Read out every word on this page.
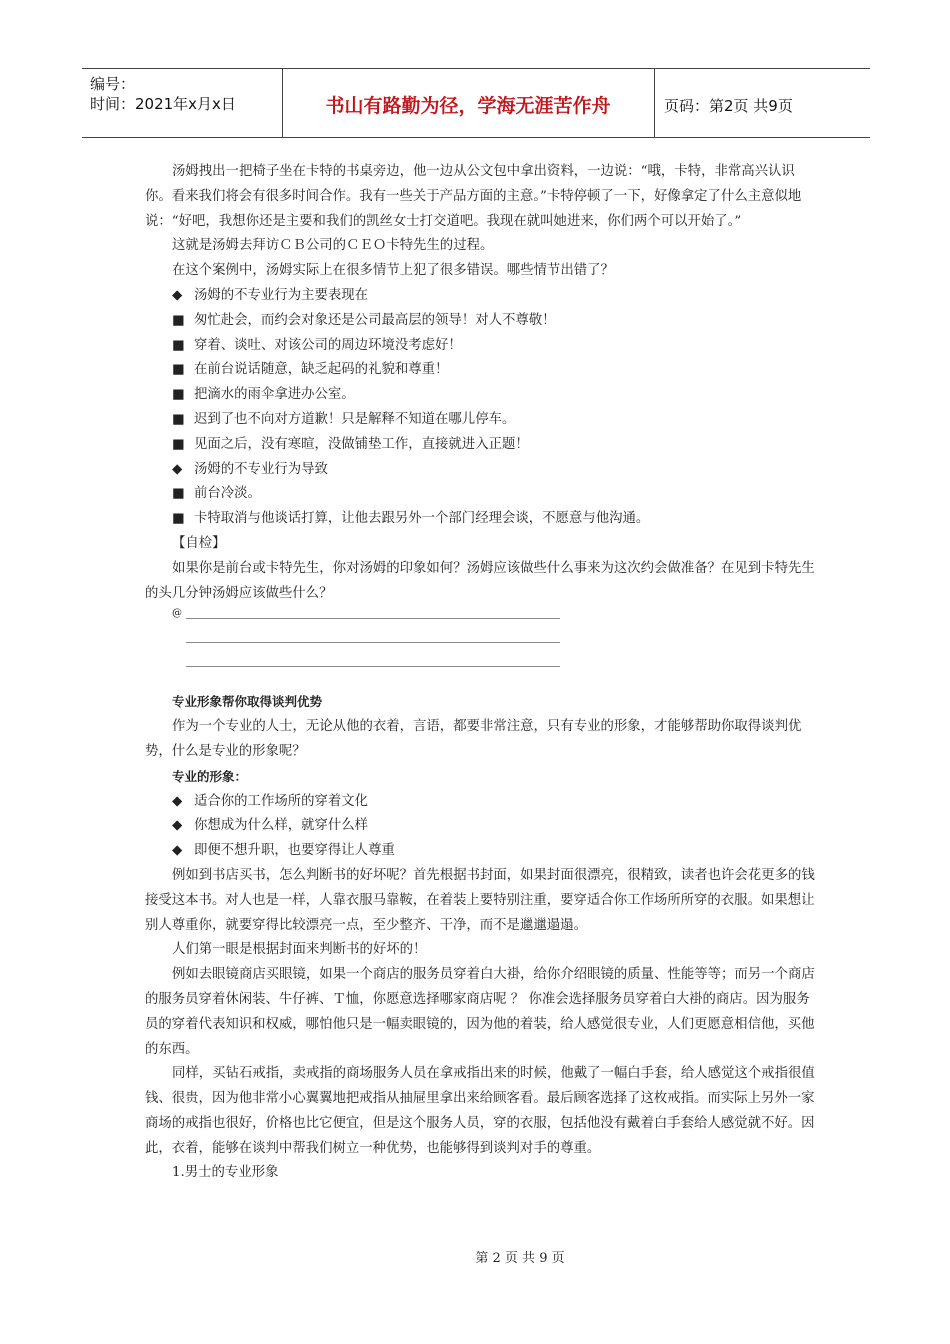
编号：
时间：2021年x月x日	书山有路勤为径，学海无涯苦作舟	页码：第2页 共9页

汤姆拽出一把椅子坐在卡特的书桌旁边，他一边从公文包中拿出资料，一边说：“哦，卡特，非常高兴认识你。看来我们将会有很多时间合作。我有一些关于产品方面的主意。”卡特停顿了一下，好像拿定了什么主意似地说：“好吧，我想你还是主要和我们的凯丝女士打交道吧。我现在就叫她进来，你们两个可以开始了。”

这就是汤姆去拜访ＣＢ公司的ＣＥＯ卡特先生的过程。

在这个案例中，汤姆实际上在很多情节上犯了很多错误。哪些情节出错了？

◆ 汤姆的不专业行为主要表现在

■ 匆忙赴会，而约会对象还是公司最高层的领导！对人不尊敬！

■ 穿着、谈吐、对该公司的周边环境没考虑好！

■ 在前台说话随意，缺乏起码的礼貌和尊重！

■ 把滴水的雨伞拿进办公室。

■ 迟到了也不向对方道歉！只是解释不知道在哪儿停车。

■ 见面之后，没有寒暄，没做铺垫工作，直接就进入正题！

◆ 汤姆的不专业行为导致

■ 前台冷淡。

■ 卡特取消与他谈话打算，让他去跟另外一个部门经理会谈，不愿意与他沟通。

【自检】

如果你是前台或卡特先生，你对汤姆的印象如何？汤姆应该做些什么事来为这次约会做准备？在见到卡特先生的头几分钟汤姆应该做些什么？

@

专业形象帮你取得谈判优势

作为一个专业的人士，无论从他的衣着，言语，都要非常注意，只有专业的形象，才能够帮助你取得谈判优势，什么是专业的形象呢？

专业的形象：

◆ 适合你的工作场所的穿着文化

◆ 你想成为什么样，就穿什么样

◆ 即便不想升职，也要穿得让人尊重

例如到书店买书，怎么判断书的好坏呢？首先根据书封面，如果封面很漂亮，很精致，读者也许会花更多的钱接受这本书。对人也是一样，人靠衣服马靠鞍，在着装上要特别注重，要穿适合你工作场所所穿的衣服。如果想让别人尊重你，就要穿得比较漂亮一点，至少整齐、干净，而不是邋邋遢遢。

人们第一眼是根据封面来判断书的好坏的！

例如去眼镜商店买眼镜，如果一个商店的服务员穿着白大褂，给你介绍眼镜的质量、性能等等；而另一个商店的服务员穿着休闲装、牛仔裤、Ｔ恤，你愿意选择哪家商店呢 ？ 你准会选择服务员穿着白大褂的商店。因为服务员的穿着代表知识和权威，哪怕他只是一幅卖眼镜的，因为他的着装，给人感觉很专业，人们更愿意相信他，买他的东西。

同样，买钻石戒指，卖戒指的商场服务人员在拿戒指出来的时候，他戴了一幅白手套，给人感觉这个戒指很值钱、很贵，因为他非常小心翼翼地把戒指从抽屉里拿出来给顾客看。最后顾客选择了这枚戒指。而实际上另外一家商场的戒指也很好，价格也比它便宜，但是这个服务人员，穿的衣服，包括他没有戴着白手套给人感觉就不好。因此，衣着，能够在谈判中帮我们树立一种优势，也能够得到谈判对手的尊重。

1.男士的专业形象

第 2 页 共 9 页
